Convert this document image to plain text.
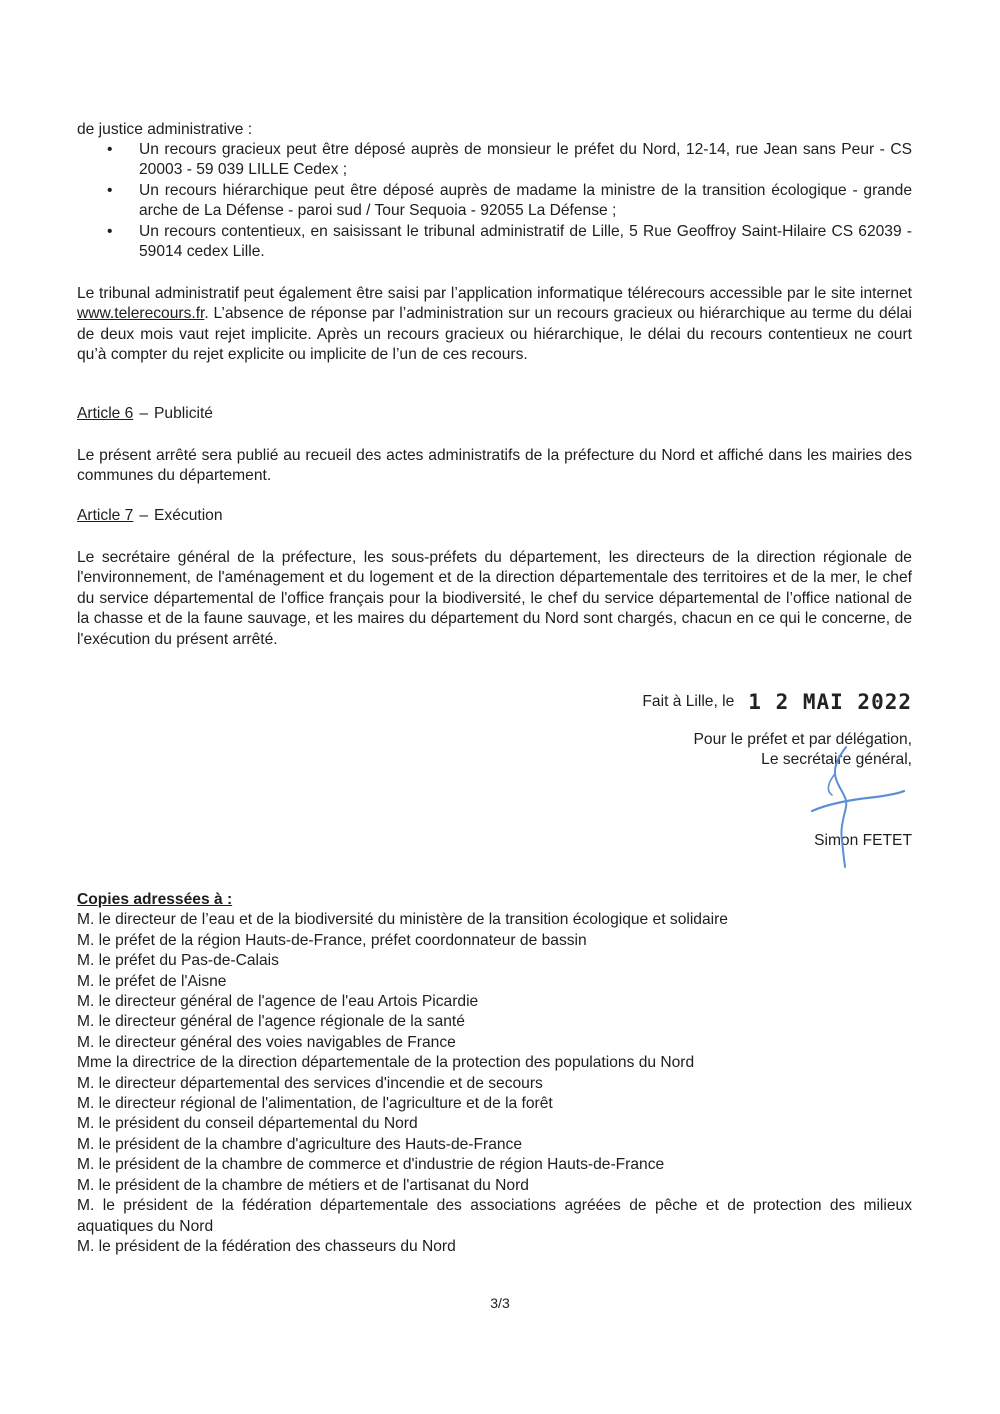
de justice administrative :
• Un recours gracieux peut être déposé auprès de monsieur le préfet du Nord, 12-14, rue Jean sans Peur - CS 20003 - 59 039 LILLE Cedex ;
• Un recours hiérarchique peut être déposé auprès de madame la ministre de la transition écologique - grande arche de La Défense - paroi sud / Tour Sequoia - 92055 La Défense ;
• Un recours contentieux, en saisissant le tribunal administratif de Lille, 5 Rue Geoffroy Saint-Hilaire CS 62039 - 59014 cedex Lille.

Le tribunal administratif peut également être saisi par l’application informatique télérecours accessible par le site internet www.telerecours.fr. L’absence de réponse par l’administration sur un recours gracieux ou hiérarchique au terme du délai de deux mois vaut rejet implicite. Après un recours gracieux ou hiérarchique, le délai du recours contentieux ne court qu’à compter du rejet explicite ou implicite de l’un de ces recours.

Article 6 – Publicité

Le présent arrêté sera publié au recueil des actes administratifs de la préfecture du Nord et affiché dans les mairies des communes du département.

Article 7 – Exécution

Le secrétaire général de la préfecture, les sous-préfets du département, les directeurs de la direction régionale de l'environnement, de l'aménagement et du logement et de la direction départementale des territoires et de la mer, le chef du service départemental de l'office français pour la biodiversité, le chef du service départemental de l’office national de la chasse et de la faune sauvage, et les maires du département du Nord sont chargés, chacun en ce qui le concerne, de l'exécution du présent arrêté.

Fait à Lille, le 1 2 MAI 2022
Pour le préfet et par délégation,
Le secrétaire général,
Simon FETET
Copies adressées à :
M. le directeur de l’eau et de la biodiversité du ministère de la transition écologique et solidaire
M. le préfet de la région Hauts-de-France, préfet coordonnateur de bassin
M. le préfet du Pas-de-Calais
M. le préfet de l'Aisne
M. le directeur général de l'agence de l'eau Artois Picardie
M. le directeur général de l'agence régionale de la santé
M. le directeur général des voies navigables de France
Mme la directrice de la direction départementale de la protection des populations du Nord
M. le directeur départemental des services d'incendie et de secours
M. le directeur régional de l'alimentation, de l'agriculture et de la forêt
M. le président du conseil départemental du Nord
M. le président de la chambre d'agriculture des Hauts-de-France
M. le président de la chambre de commerce et d'industrie de région Hauts-de-France
M. le président de la chambre de métiers et de l'artisanat du Nord
M. le président de la fédération départementale des associations agréées de pêche et de protection des milieux aquatiques du Nord
M. le président de la fédération des chasseurs du Nord
3/3
